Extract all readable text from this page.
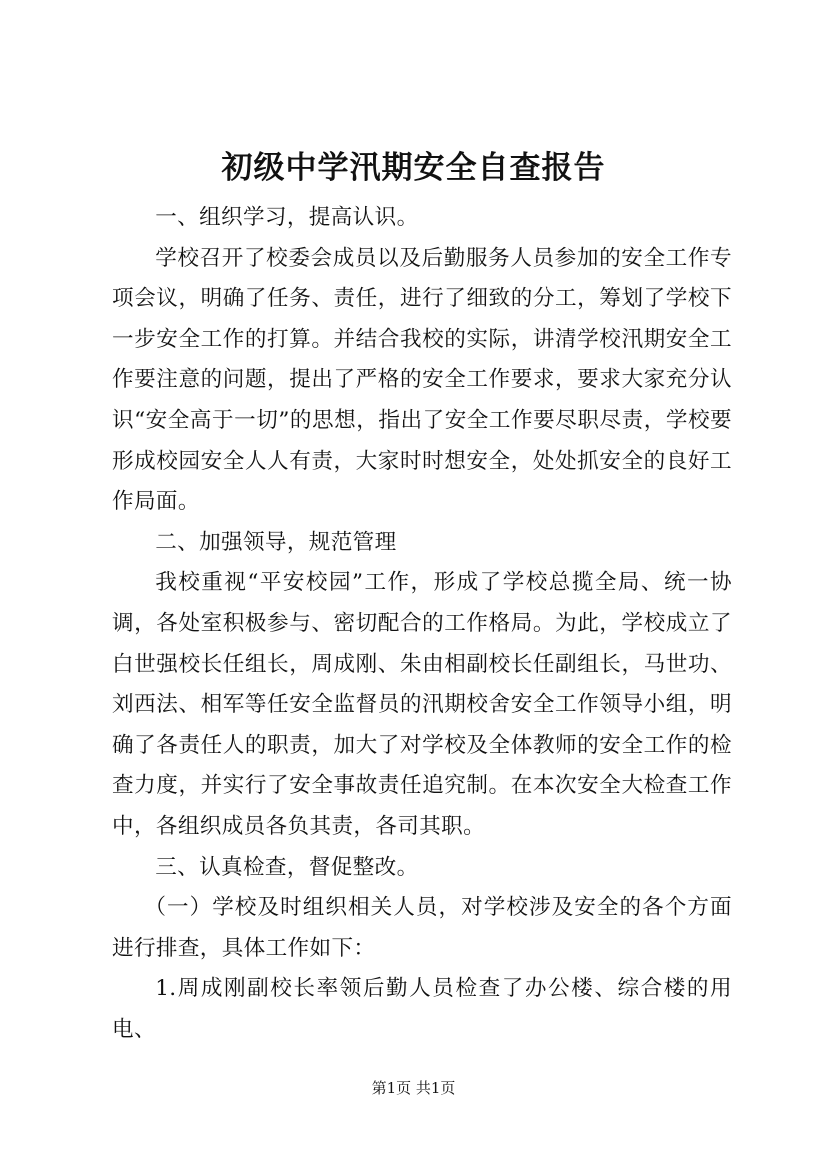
初级中学汛期安全自查报告

一、组织学习，提高认识。

学校召开了校委会成员以及后勤服务人员参加的安全工作专项会议，明确了任务、责任，进行了细致的分工，筹划了学校下一步安全工作的打算。并结合我校的实际，讲清学校汛期安全工作要注意的问题，提出了严格的安全工作要求，要求大家充分认识“安全高于一切”的思想，指出了安全工作要尽职尽责，学校要形成校园安全人人有责，大家时时想安全，处处抓安全的良好工作局面。

二、加强领导，规范管理

我校重视“平安校园”工作，形成了学校总揽全局、统一协调，各处室积极参与、密切配合的工作格局。为此，学校成立了白世强校长任组长，周成刚、朱由相副校长任副组长，马世功、刘西法、相军等任安全监督员的汛期校舍安全工作领导小组，明确了各责任人的职责，加大了对学校及全体教师的安全工作的检查力度，并实行了安全事故责任追究制。在本次安全大检查工作中，各组织成员各负其责，各司其职。

三、认真检查，督促整改。

（一）学校及时组织相关人员，对学校涉及安全的各个方面进行排查，具体工作如下：

1.周成刚副校长率领后勤人员检查了办公楼、综合楼的用电、

第1页 共1页
